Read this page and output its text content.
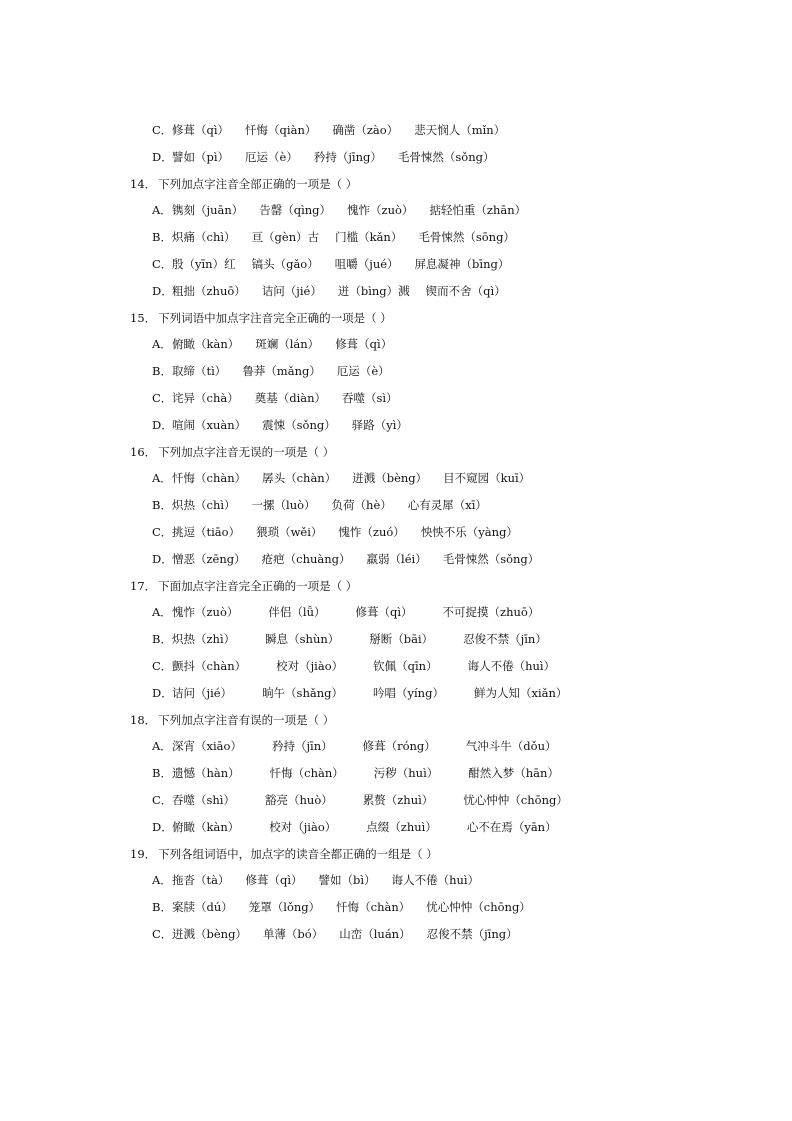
C．修葺（qì） 忏悔（qiàn） 确凿（zào） 悲天悯人（mǐn）
D．譬如（pì） 厄运（è） 矜持（jīng） 毛骨悚然（sǒng）
14． 下列加点字注音全部正确的一项是（ ）
A．镌刻（juān） 告罄（qìng） 愧怍（zuò） 掂轻怕重（zhān）
B．炽痛（chì） 亘（gèn）古 门槛（kǎn） 毛骨悚然（sōng）
C．殷（yīn）红 镐头（gǎo） 咀嚼（jué） 屏息凝神（bīng）
D．粗拙（zhuō） 诘问（jié） 迸（bìng）溅 锲而不舍（qì）
15． 下列词语中加点字注音完全正确的一项是（ ）
A．俯瞰（kàn） 斑斓（lán） 修葺（qì）
B．取缔（tì） 鲁莽（mǎng） 厄运（è）
C．诧异（chà） 奠基（diàn） 吞噬（sì）
D．喧闹（xuàn） 震悚（sǒng） 驿路（yì）
16． 下列加点字注音无误的一项是（ ）
A．忏悔（chàn） 孱头（chàn） 迸溅（bèng） 目不窥园（kuī）
B．炽热（chì） 一摞（luò） 负荷（hè） 心有灵犀（xī）
C．挑逗（tiāo） 猥琐（wěi） 愧怍（zuó） 怏怏不乐（yàng）
D．憎恶（zēng） 疮疤（chuàng） 羸弱（léi） 毛骨悚然（sǒng）
17． 下面加点字注音完全正确的一项是（ ）
A．愧怍（zuò）	伴侣（lǚ）	修葺（qì）	不可捉摸（zhuō）
B．炽热（zhì）	瞬息（shùn）	掰断（bāi）	忍俊不禁（jīn）
C．颤抖（chàn）	校对（jiào）	钦佩（qīn）	诲人不倦（huì）
D．诘问（jié）	晌午（shǎng）	吟唱（yíng）	鲜为人知（xiǎn）
18． 下列加点字注音有误的一项是（ ）
A．深宵（xiāo）	矜持（jīn）	修葺（róng）	气冲斗牛（dǒu）
B．遗憾（hàn）	忏悔（chàn）	污秽（huì）	酣然入梦（hān）
C．吞噬（shì）	豁亮（huò）	累赘（zhuì）	忧心忡忡（chōng）
D．俯瞰（kàn）	校对（jiào）	点缀（zhuì）	心不在焉（yān）
19． 下列各组词语中，加点字的读音全都正确的一组是（ ）
A．拖沓（tà） 修葺（qì） 譬如（bì） 诲人不倦（huì）
B．案牍（dú） 笼罩（lǒng） 忏悔（chàn） 忧心忡忡（chōng）
C．迸溅（bèng） 单薄（bó） 山峦（luán） 忍俊不禁（jīng）
